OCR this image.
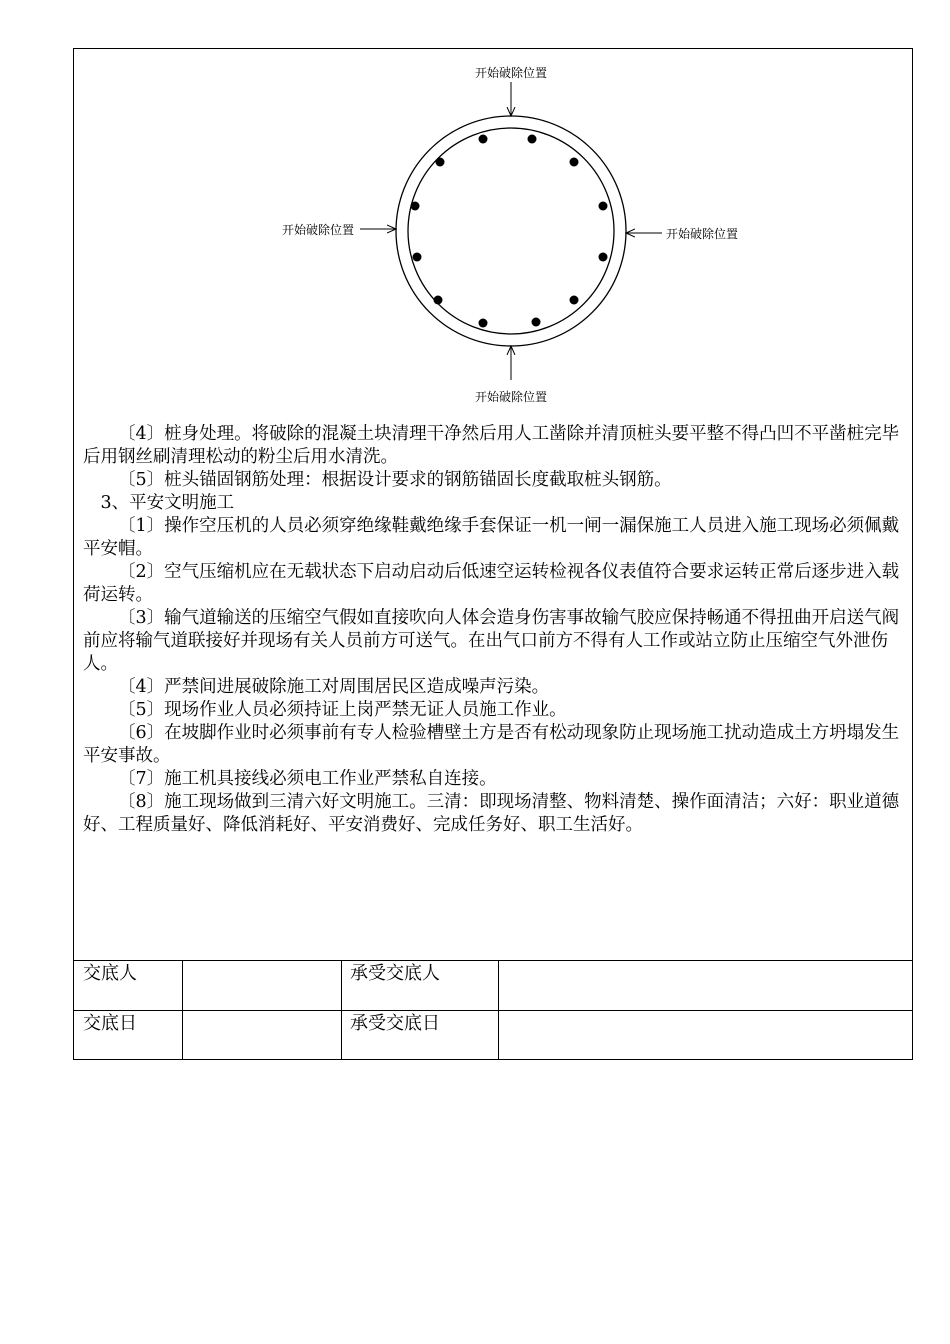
开始破除位置
开始破除位置
开始破除位置	开始破除位置

〔4〕桩身处理。将破除的混凝土块清理干净然后用人工凿除并清顶桩头要平整不得凸凹不平凿桩完毕后用钢丝刷清理松动的粉尘后用水清洗。

〔5〕桩头锚固钢筋处理：根据设计要求的钢筋锚固长度截取桩头钢筋。

3、平安文明施工

〔1〕操作空压机的人员必须穿绝缘鞋戴绝缘手套保证一机一闸一漏保施工人员进入施工现场必须佩戴平安帽。

〔2〕空气压缩机应在无载状态下启动启动后低速空运转检视各仪表值符合要求运转正常后逐步进入载荷运转。

〔3〕输气道输送的压缩空气假如直接吹向人体会造身伤害事故输气胶应保持畅通不得扭曲开启送气阀前应将输气道联接好并现场有关人员前方可送气。在出气口前方不得有人工作或站立防止压缩空气外泄伤人。

〔4〕严禁间进展破除施工对周围居民区造成噪声污染。

〔5〕现场作业人员必须持证上岗严禁无证人员施工作业。

〔6〕在坡脚作业时必须事前有专人检验槽壁土方是否有松动现象防止现场施工扰动造成土方坍塌发生平安事故。

〔7〕施工机具接线必须电工作业严禁私自连接。

〔8〕施工现场做到三清六好文明施工。三清：即现场清整、物料清楚、操作面清洁；六好：职业道德好、工程质量好、降低消耗好、平安消费好、完成任务好、职工生活好。

交底人	承受交底人
交底日	承受交底日
